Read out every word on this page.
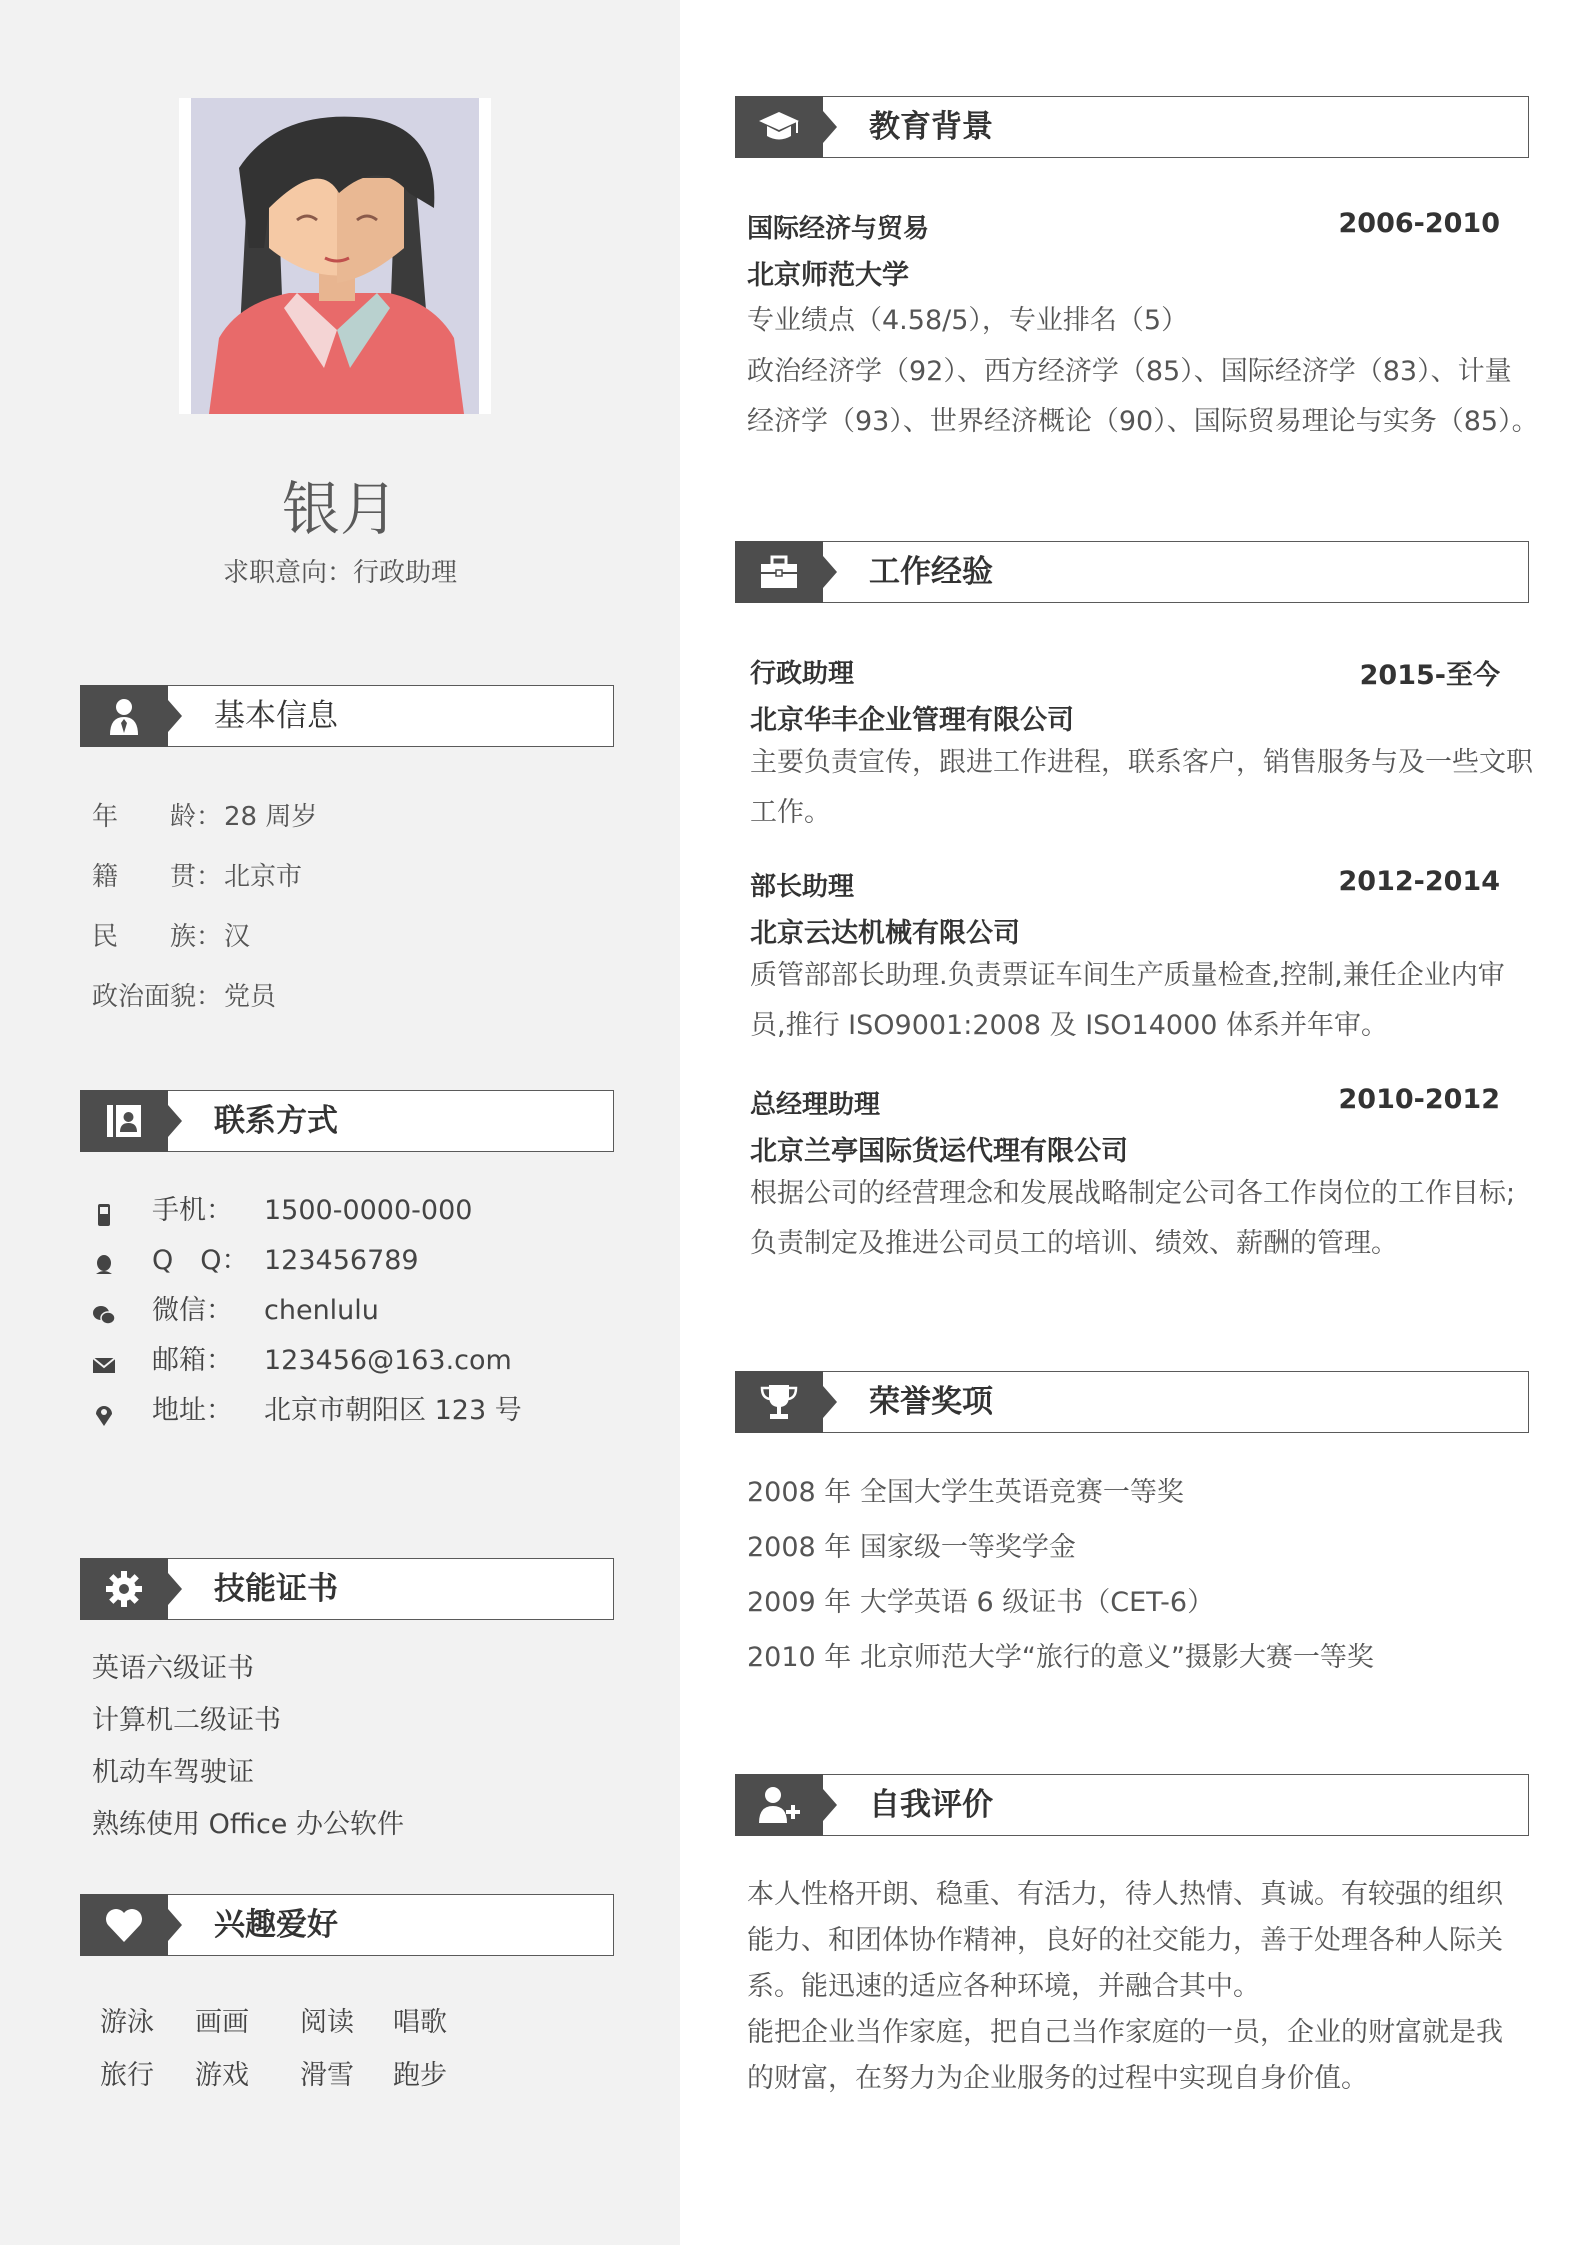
银月
求职意向：行政助理
基本信息
年　　龄：28 周岁
籍　　贯：北京市
民　　族：汉
政治面貌：党员
联系方式
手机： 1500-0000-000
Q　Q： 123456789
微信： chenlulu
邮箱： 123456@163.com
地址： 北京市朝阳区 123 号
技能证书
英语六级证书
计算机二级证书
机动车驾驶证
熟练使用 Office 办公软件
兴趣爱好
游泳 画画 阅读 唱歌
旅行 游戏 滑雪 跑步
教育背景
国际经济与贸易	2006-2010
北京师范大学
专业绩点（4.58/5），专业排名（5）
政治经济学（92）、西方经济学（85）、国际经济学（83）、计量
经济学（93）、世界经济概论（90）、国际贸易理论与实务（85）。
工作经验
行政助理	2015-至今
北京华丰企业管理有限公司
主要负责宣传，跟进工作进程，联系客户，销售服务与及一些文职
工作。
部长助理	2012-2014
北京云达机械有限公司
质管部部长助理.负责票证车间生产质量检查,控制,兼任企业内审
员,推行 ISO9001:2008 及 ISO14000 体系并年审。
总经理助理	2010-2012
北京兰亭国际货运代理有限公司
根据公司的经营理念和发展战略制定公司各工作岗位的工作目标;
负责制定及推进公司员工的培训、绩效、薪酬的管理。
荣誉奖项
2008 年 全国大学生英语竞赛一等奖
2008 年 国家级一等奖学金
2009 年 大学英语 6 级证书（CET-6）
2010 年 北京师范大学“旅行的意义”摄影大赛一等奖
自我评价
本人性格开朗、稳重、有活力，待人热情、真诚。有较强的组织
能力、和团体协作精神，良好的社交能力，善于处理各种人际关
系。能迅速的适应各种环境，并融合其中。
能把企业当作家庭，把自己当作家庭的一员，企业的财富就是我
的财富，在努力为企业服务的过程中实现自身价值。
